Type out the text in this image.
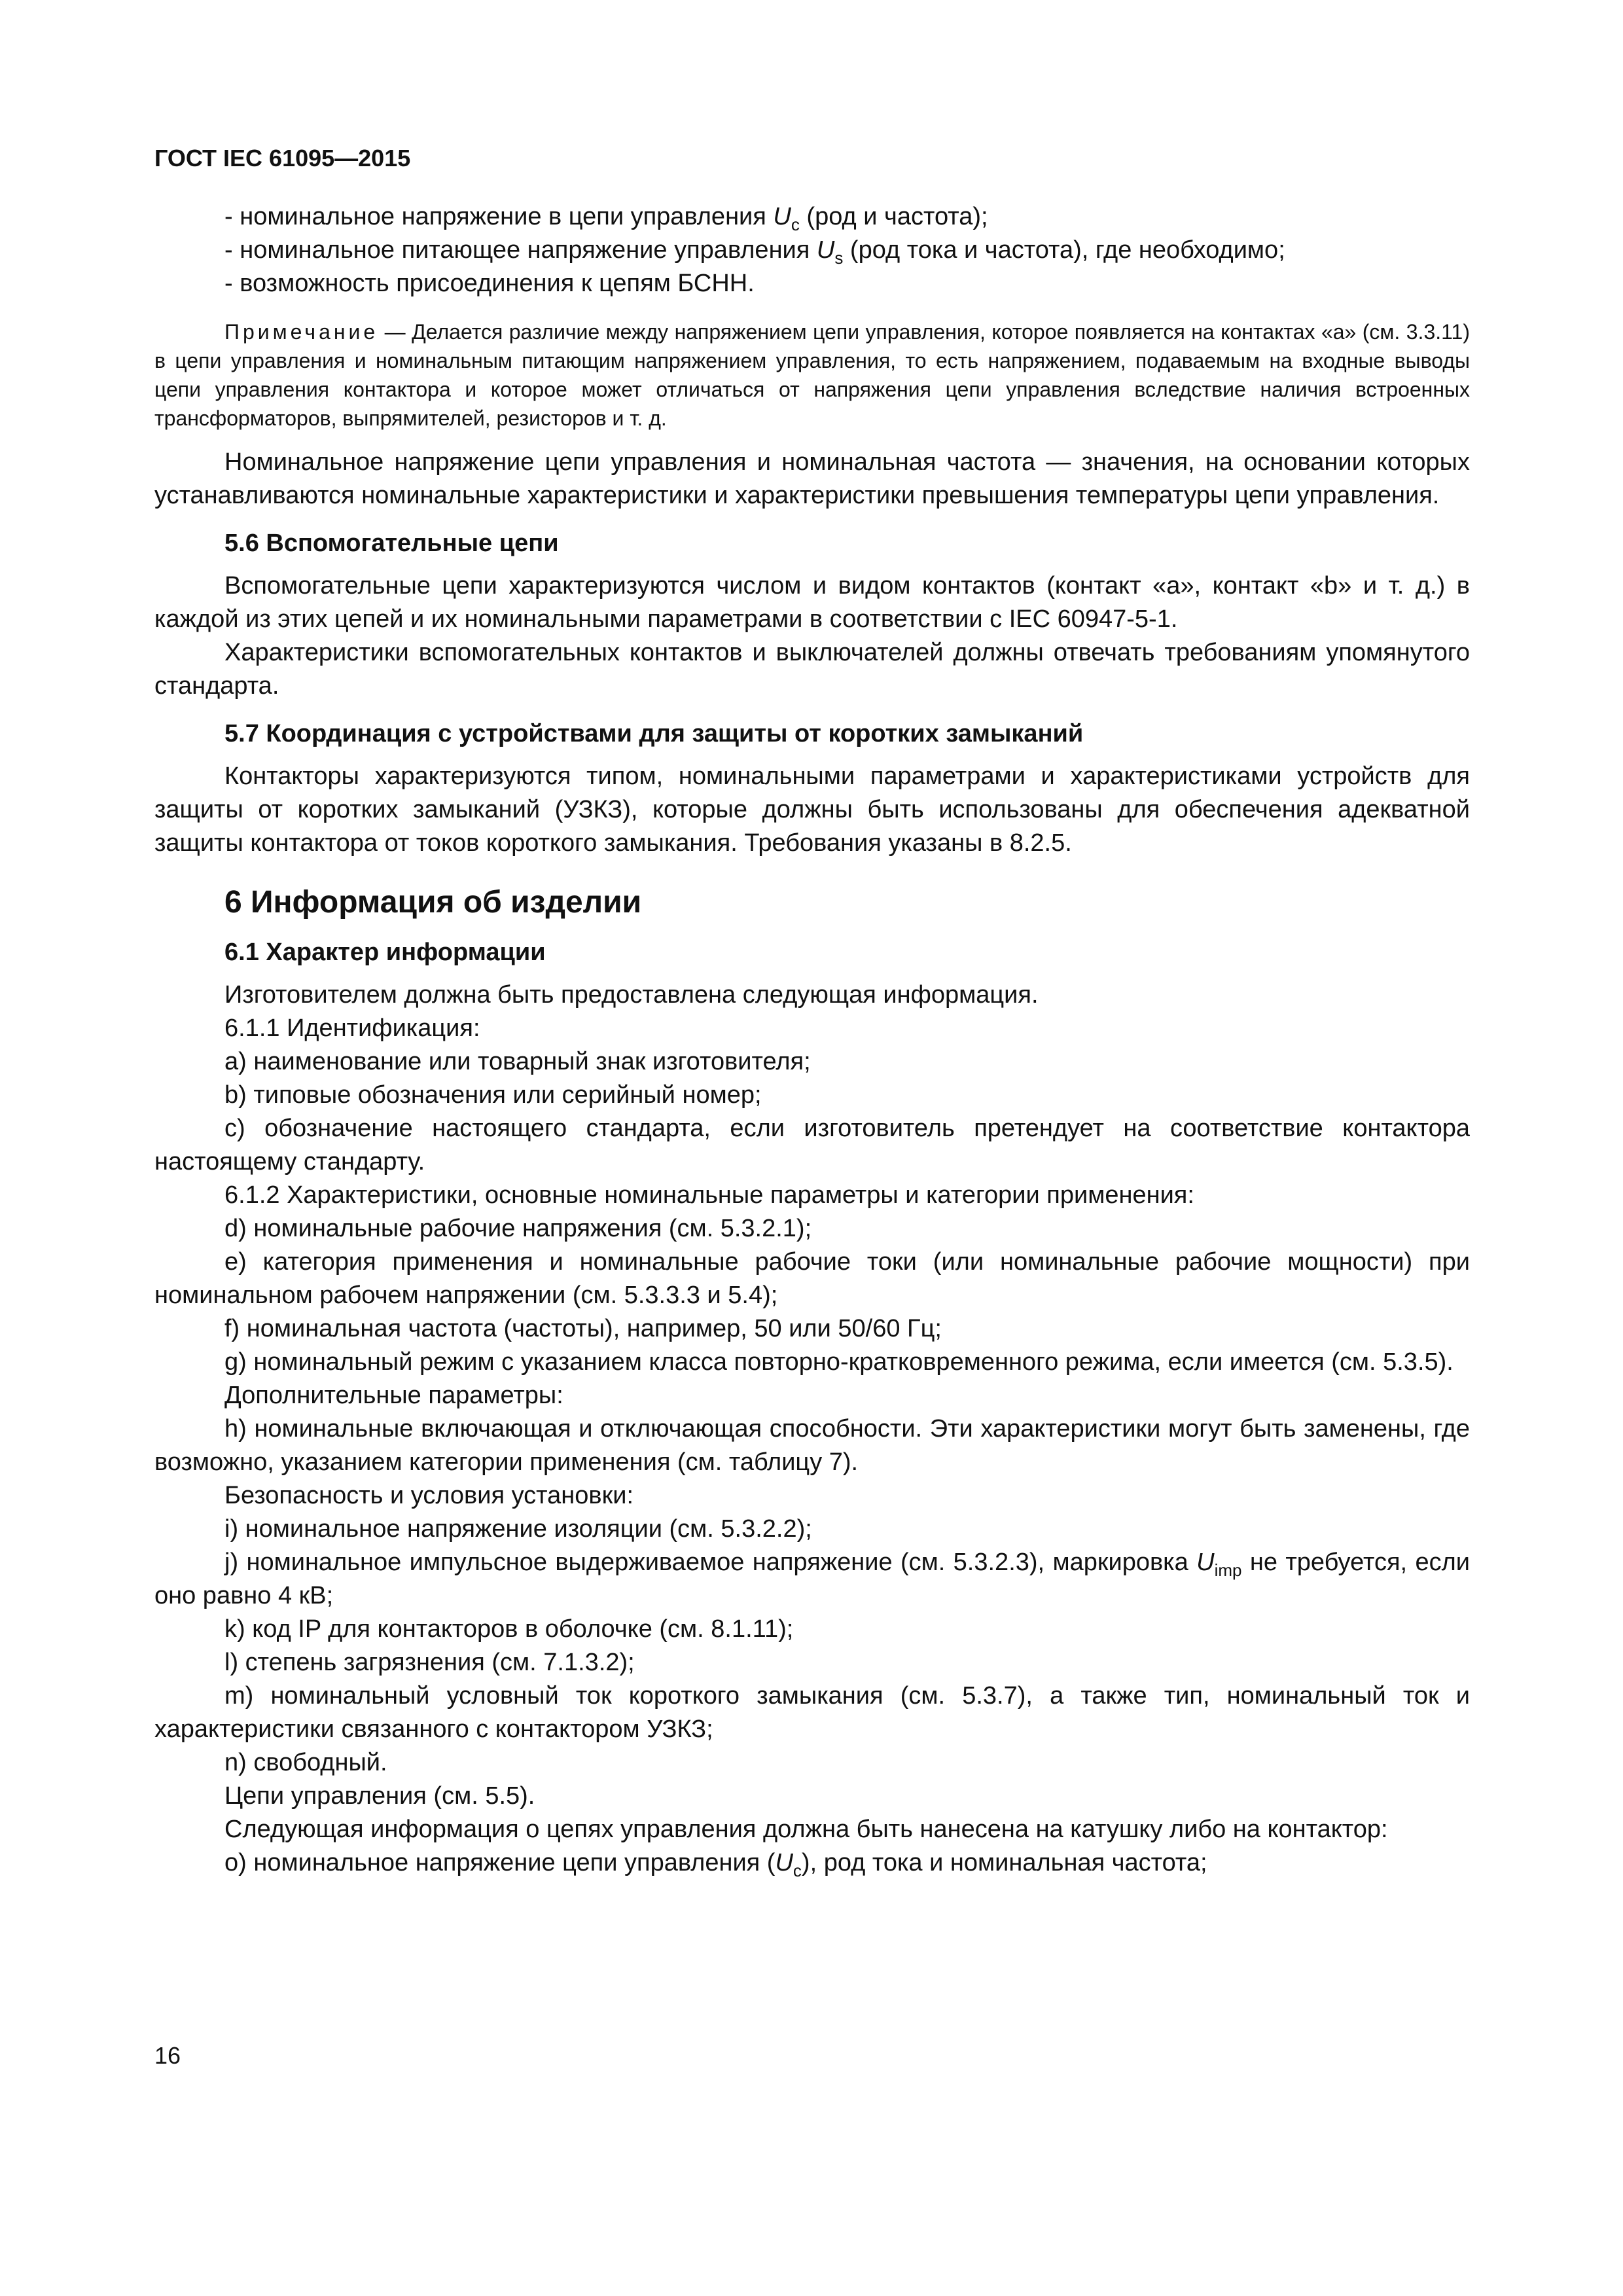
ГОСТ IEC 61095—2015

- номинальное напряжение в цепи управления $U_c$ (род и частота);

- номинальное питающее напряжение управления $U_s$ (род тока и частота), где необходимо;

- возможность присоединения к цепям БСНН.

Примечание — Делается различие между напряжением цепи управления, которое появляется на контактах «а» (см. 3.3.11) в цепи управления и номинальным питающим напряжением управления, то есть напряжением, подаваемым на входные выводы цепи управления контактора и которое может отличаться от напряжения цепи управления вследствие наличия встроенных трансформаторов, выпрямителей, резисторов и т. д.

Номинальное напряжение цепи управления и номинальная частота — значения, на основании которых устанавливаются номинальные характеристики и характеристики превышения температуры цепи управления.

5.6 Вспомогательные цепи

Вспомогательные цепи характеризуются числом и видом контактов (контакт «a», контакт «b» и т. д.) в каждой из этих цепей и их номинальными параметрами в соответствии с IEC 60947-5-1.

Характеристики вспомогательных контактов и выключателей должны отвечать требованиям упомянутого стандарта.

5.7 Координация с устройствами для защиты от коротких замыканий

Контакторы характеризуются типом, номинальными параметрами и характеристиками устройств для защиты от коротких замыканий (УЗКЗ), которые должны быть использованы для обеспечения адекватной защиты контактора от токов короткого замыкания. Требования указаны в 8.2.5.

6 Информация об изделии
6.1 Характер информации

Изготовителем должна быть предоставлена следующая информация.

6.1.1 Идентификация:

a) наименование или товарный знак изготовителя;

b) типовые обозначения или серийный номер;

c) обозначение настоящего стандарта, если изготовитель претендует на соответствие контактора настоящему стандарту.

6.1.2 Характеристики, основные номинальные параметры и категории применения:

d) номинальные рабочие напряжения (см. 5.3.2.1);

e) категория применения и номинальные рабочие токи (или номинальные рабочие мощности) при номинальном рабочем напряжении (см. 5.3.3.3 и 5.4);

f) номинальная частота (частоты), например, 50 или 50/60 Гц;

g) номинальный режим с указанием класса повторно-кратковременного режима, если имеется (см. 5.3.5).

Дополнительные параметры:

h) номинальные включающая и отключающая способности. Эти характеристики могут быть заменены, где возможно, указанием категории применения (см. таблицу 7).

Безопасность и условия установки:

i) номинальное напряжение изоляции (см. 5.3.2.2);

j) номинальное импульсное выдерживаемое напряжение (см. 5.3.2.3), маркировка $U_{imp}$ не требуется, если оно равно 4 кВ;

k) код IP для контакторов в оболочке (см. 8.1.11);

l) степень загрязнения (см. 7.1.3.2);

m) номинальный условный ток короткого замыкания (см. 5.3.7), а также тип, номинальный ток и характеристики связанного с контактором УЗКЗ;

n) свободный.

Цепи управления (см. 5.5).

Следующая информация о цепях управления должна быть нанесена на катушку либо на контактор:

o) номинальное напряжение цепи управления $(U_c)$, род тока и номинальная частота;

16
